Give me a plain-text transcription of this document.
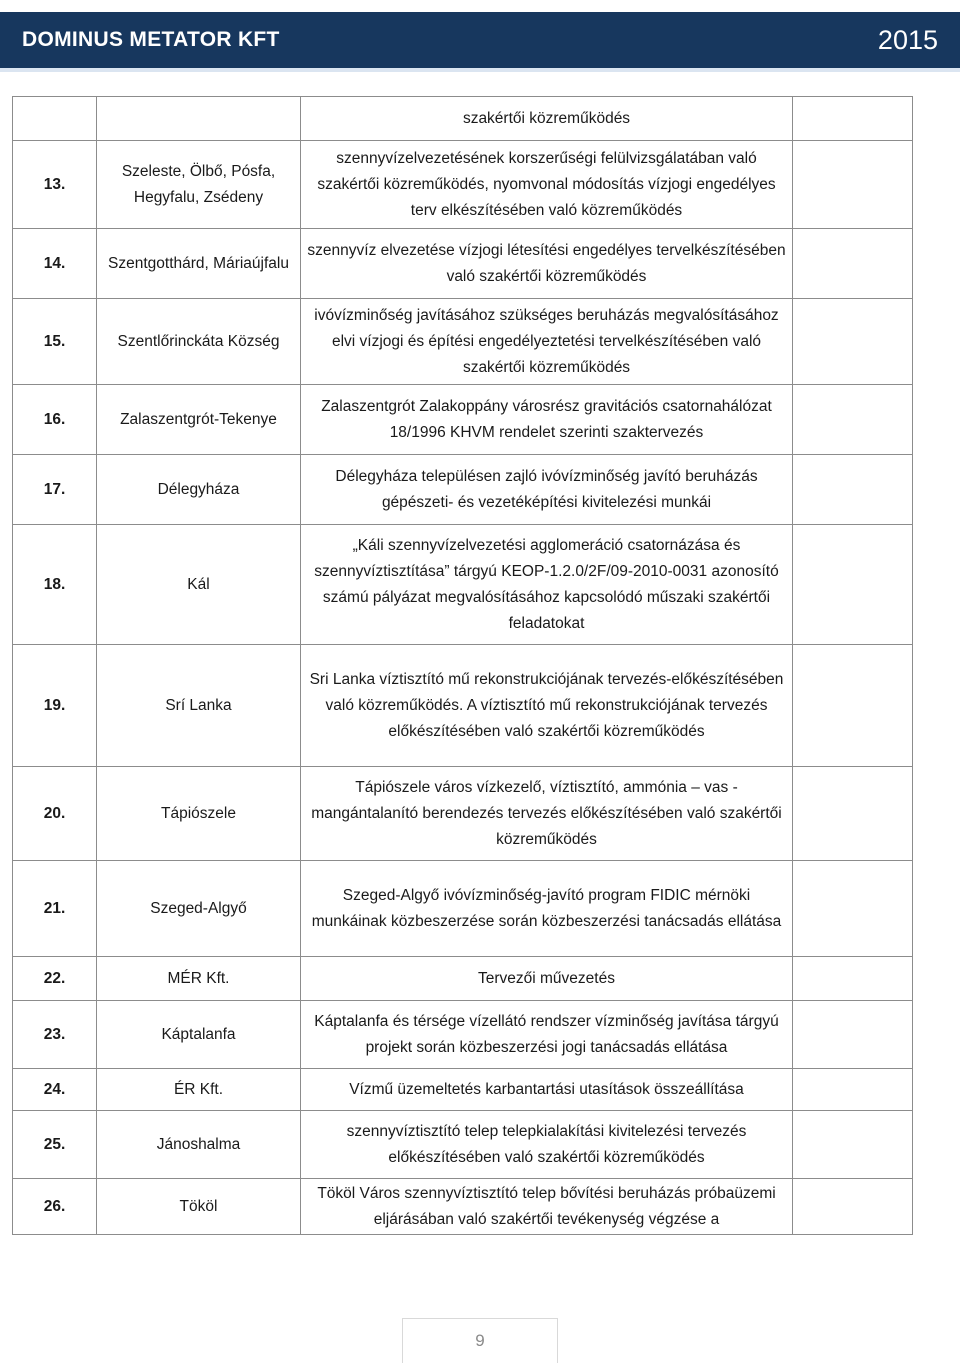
DOMINUS METATOR KFT	2015
		szakértői közreműködés	
13.	Szeleste, Ölbő, Pósfa, Hegyfalu, Zsédeny	szennyvízelvezetésének korszerűségi felülvizsgálatában való szakértői közreműködés, nyomvonal módosítás vízjogi engedélyes terv elkészítésében való közreműködés	2012.
14.	Szentgotthárd, Máriaújfalu	szennyvíz elvezetése vízjogi létesítési engedélyes tervelkészítésében való szakértői közreműködés	2012.
15.	Szentlőrinckáta Község	ivóvízminőség javításához szükséges beruházás megvalósításához elvi vízjogi és építési engedélyeztetési tervelkészítésében való szakértői közreműködés	2013.
16.	Zalaszentgrót-Tekenye	Zalaszentgrót Zalakoppány városrész gravitációs csatornahálózat 18/1996 KHVM rendelet szerinti szaktervezés	2013.
17.	Délegyháza	Délegyháza településen zajló ivóvízminőség javító beruházás gépészeti- és vezetéképítési kivitelezési munkái	2013.
18.	Kál	„Káli szennyvízelvezetési agglomeráció csatornázása és szennyvíztisztítása” tárgyú KEOP-1.2.0/2F/09-2010-0031 azonosító számú pályázat megvalósításához kapcsolódó műszaki szakértői feladatokat	2013.
19.	Srí Lanka	Sri Lanka víztisztító mű rekonstrukciójának tervezés-előkészítésében való közreműködés. A víztisztító mű rekonstrukciójának tervezés előkészítésében való szakértői közreműködés	2013.
20.	Tápiószele	Tápiószele város vízkezelő, víztisztító, ammónia – vas - mangántalanító berendezés tervezés előkészítésében való szakértői közreműködés	2013.
21.	Szeged-Algyő	Szeged-Algyő ivóvízminőség-javító program FIDIC mérnöki munkáinak közbeszerzése során közbeszerzési tanácsadás ellátása	2014.
22.	MÉR Kft.	Tervezői művezetés	2014.
23.	Káptalanfa	Káptalanfa és térsége vízellátó rendszer vízminőség javítása tárgyú projekt során közbeszerzési jogi tanácsadás ellátása	2014.
24.	ÉR Kft.	Vízmű üzemeltetés karbantartási utasítások összeállítása	2014.
25.	Jánoshalma	szennyvíztisztító telep telepkialakítási kivitelezési tervezés előkészítésében való szakértői közreműködés	2014.
26.	Tököl	Tököl Város szennyvíztisztító telep bővítési beruházás próbaüzemi eljárásában való szakértői tevékenység végzése a	2014.
9
